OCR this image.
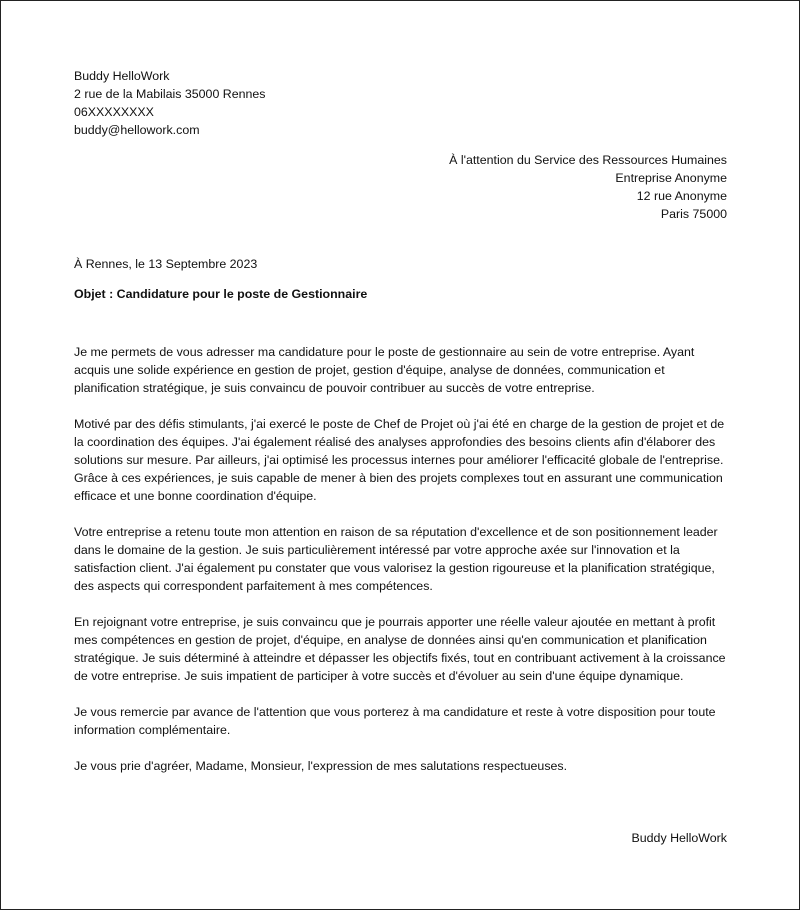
Buddy HelloWork
2 rue de la Mabilais 35000 Rennes
06XXXXXXXX
buddy@hellowork.com
À l'attention du Service des Ressources Humaines
Entreprise Anonyme
12 rue Anonyme
Paris 75000
À Rennes, le 13 Septembre 2023
Objet : Candidature pour le poste de Gestionnaire

Je me permets de vous adresser ma candidature pour le poste de gestionnaire au sein de votre entreprise. Ayant acquis une solide expérience en gestion de projet, gestion d'équipe, analyse de données, communication et planification stratégique, je suis convaincu de pouvoir contribuer au succès de votre entreprise.

Motivé par des défis stimulants, j'ai exercé le poste de Chef de Projet où j'ai été en charge de la gestion de projet et de la coordination des équipes. J'ai également réalisé des analyses approfondies des besoins clients afin d'élaborer des solutions sur mesure. Par ailleurs, j'ai optimisé les processus internes pour améliorer l'efficacité globale de l'entreprise. Grâce à ces expériences, je suis capable de mener à bien des projets complexes tout en assurant une communication efficace et une bonne coordination d'équipe.

Votre entreprise a retenu toute mon attention en raison de sa réputation d'excellence et de son positionnement leader dans le domaine de la gestion. Je suis particulièrement intéressé par votre approche axée sur l'innovation et la satisfaction client. J'ai également pu constater que vous valorisez la gestion rigoureuse et la planification stratégique, des aspects qui correspondent parfaitement à mes compétences.

En rejoignant votre entreprise, je suis convaincu que je pourrais apporter une réelle valeur ajoutée en mettant à profit mes compétences en gestion de projet, d'équipe, en analyse de données ainsi qu'en communication et planification stratégique. Je suis déterminé à atteindre et dépasser les objectifs fixés, tout en contribuant activement à la croissance de votre entreprise. Je suis impatient de participer à votre succès et d'évoluer au sein d'une équipe dynamique.

Je vous remercie par avance de l'attention que vous porterez à ma candidature et reste à votre disposition pour toute information complémentaire.

Je vous prie d'agréer, Madame, Monsieur, l'expression de mes salutations respectueuses.

Buddy HelloWork
